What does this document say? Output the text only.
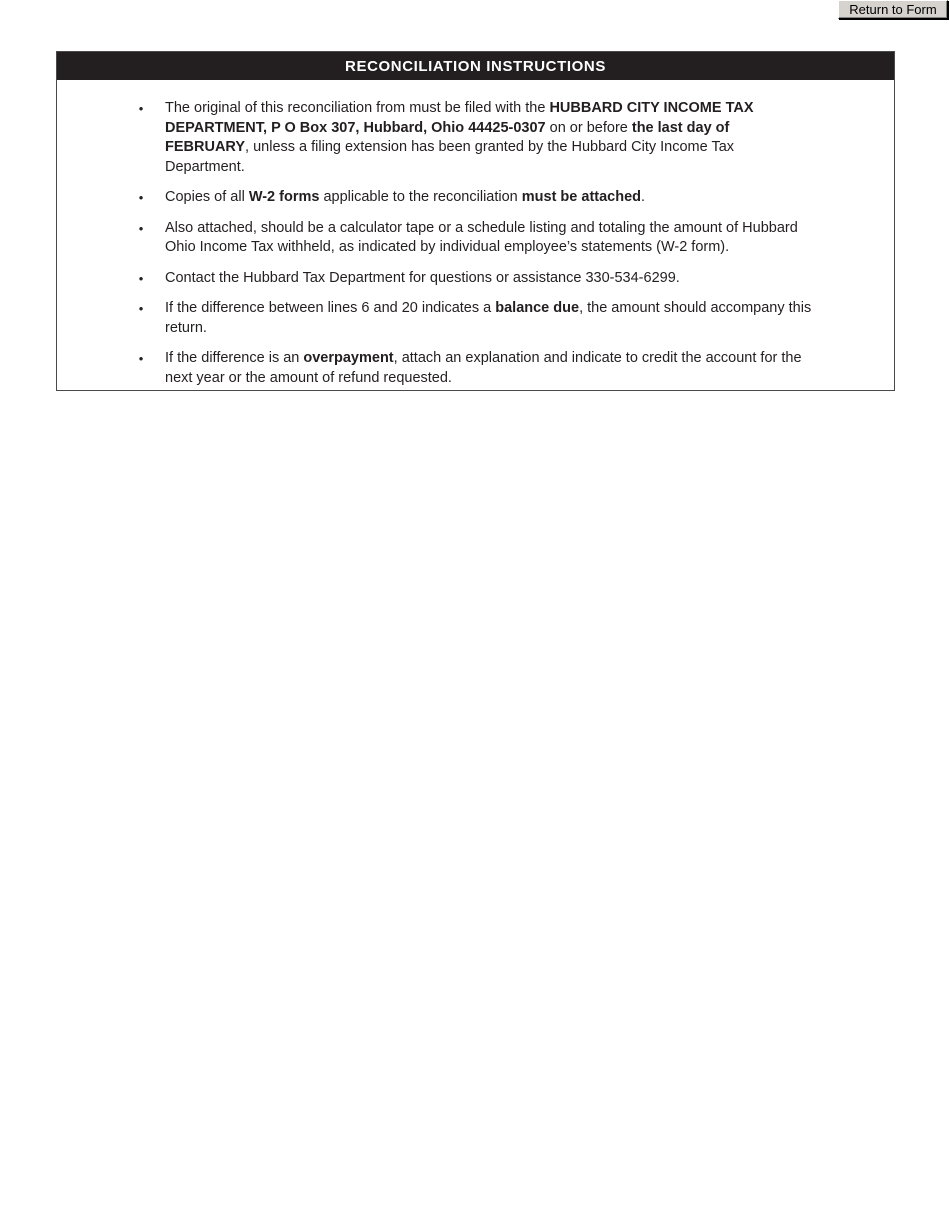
Return to Form
RECONCILIATION INSTRUCTIONS
• The original of this reconciliation from must be filed with the HUBBARD CITY INCOME TAX DEPARTMENT, P O Box 307, Hubbard, Ohio 44425-0307 on or before the last day of FEBRUARY, unless a filing extension has been granted by the Hubbard City Income Tax Department.
• Copies of all W-2 forms applicable to the reconciliation must be attached.
• Also attached, should be a calculator tape or a schedule listing and totaling the amount of Hubbard Ohio Income Tax withheld, as indicated by individual employee’s statements (W-2 form).
• Contact the Hubbard Tax Department for questions or assistance 330-534-6299.
• If the difference between lines 6 and 20 indicates a balance due, the amount should accompany this return.
• If the difference is an overpayment, attach an explanation and indicate to credit the account for the next year or the amount of refund requested.
